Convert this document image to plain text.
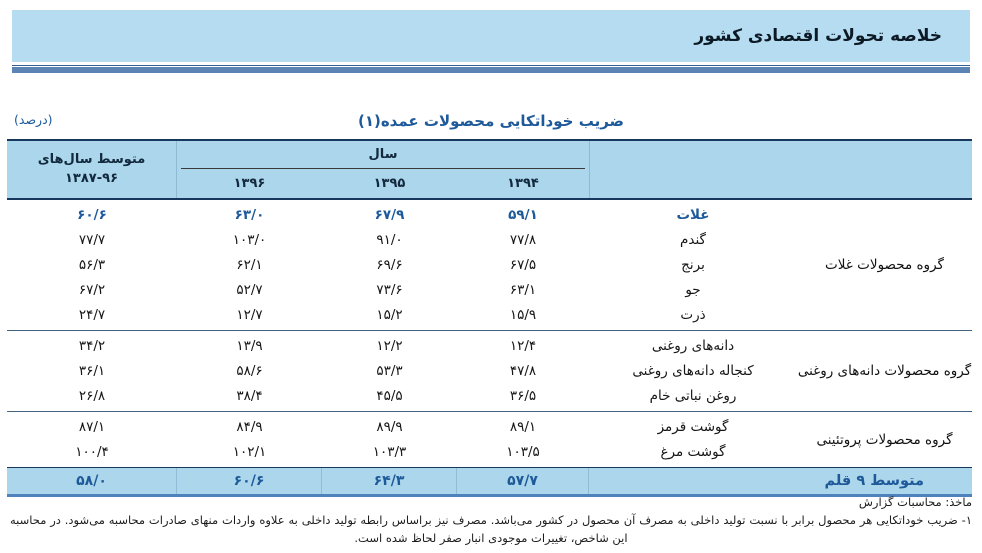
خلاصه تحولات اقتصادی کشور
ضریب خوداتکایی محصولات عمده(۱)
(درصد)
سال
متوسط سال‌های
۱۳۸۷-۹۶	۱۳۹۴
۱۳۹۵
۱۳۹۶
گروه محصولات غلات
غلات
۵۹/۱
۶۷/۹
۶۳/۰
۶۰/۶
گندم
۷۷/۸
۹۱/۰
۱۰۳/۰
۷۷/۷
برنج
۶۷/۵
۶۹/۶
۶۲/۱
۵۶/۳
جو
۶۳/۱
۷۳/۶
۵۲/۷
۶۷/۲
ذرت
۱۵/۹
۱۵/۲
۱۲/۷
۲۴/۷
گروه محصولات دانه‌های روغنی
دانه‌های روغنی
۱۲/۴
۱۲/۲
۱۳/۹
۳۴/۲
کنجاله دانه‌های روغنی
۴۷/۸
۵۳/۳
۵۸/۶
۳۶/۱
روغن نباتی خام
۳۶/۵
۴۵/۵
۳۸/۴
۲۶/۸
گروه محصولات پروتئینی
گوشت قرمز
۸۹/۱
۸۹/۹
۸۴/۹
۸۷/۱
گوشت مرغ
۱۰۳/۵
۱۰۳/۳
۱۰۲/۱
۱۰۰/۴
متوسط ۹ قلم
۵۷/۷
۶۴/۳
۶۰/۶
۵۸/۰
ماخذ: محاسبات گزارش
۱- ضریب خوداتکایی هر محصول برابر با نسبت تولید داخلی به مصرف آن محصول در کشور می‌باشد. مصرف نیز براساس رابطه تولید داخلی به علاوه واردات منهای صادرات محاسبه می‌شود. در محاسبه این شاخص، تغییرات موجودی انبار صفر لحاظ شده است.
